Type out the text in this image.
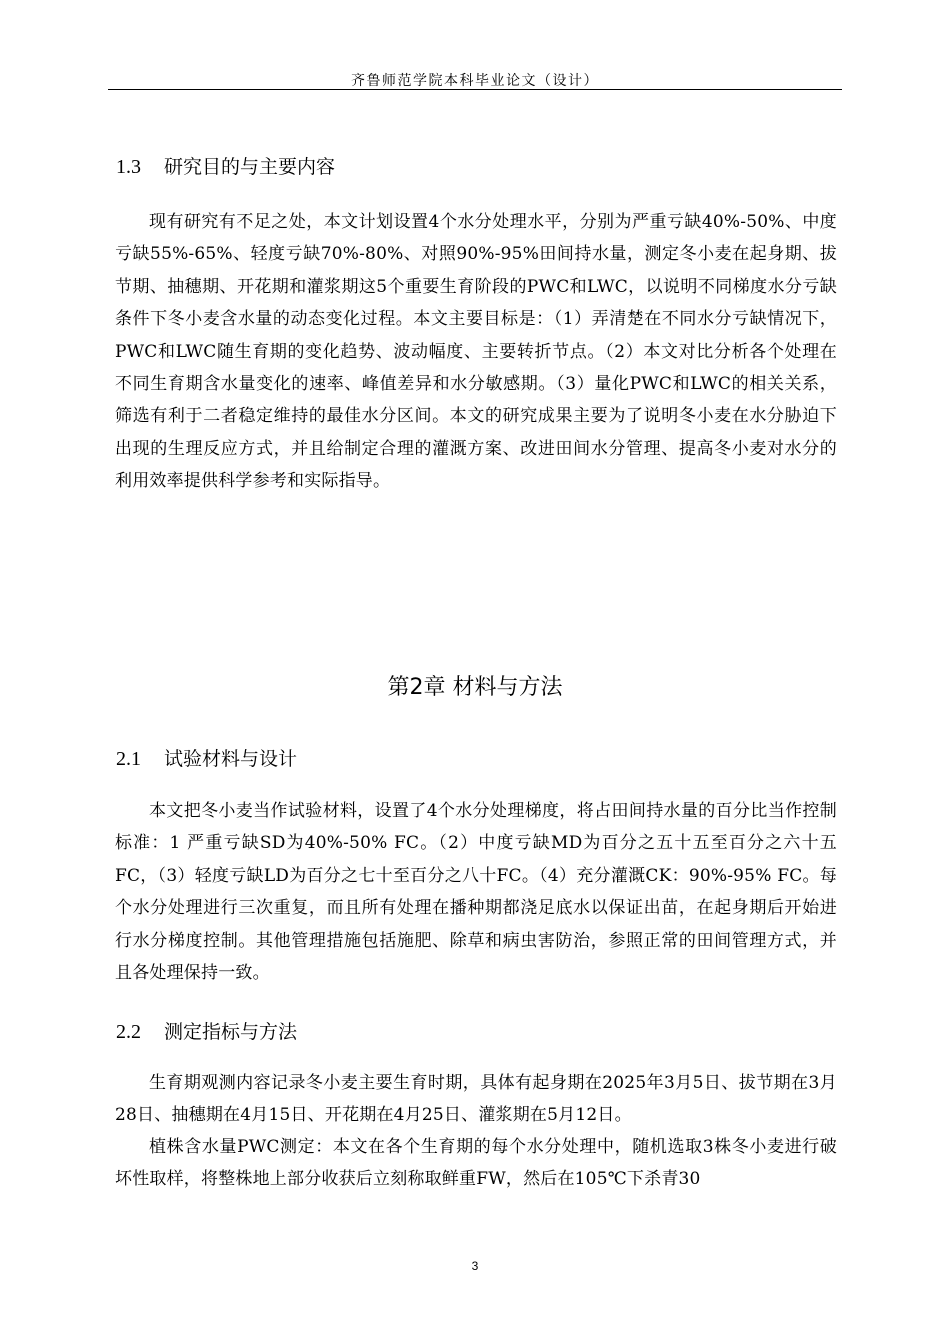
齐鲁师范学院本科毕业论文（设计）
1.3 研究目的与主要内容
现有研究有不足之处，本文计划设置4个水分处理水平，分别为严重亏缺40%-50%、中度亏缺55%-65%、轻度亏缺70%-80%、对照90%-95%田间持水量，测定冬小麦在起身期、拔节期、抽穗期、开花期和灌浆期这5个重要生育阶段的PWC和LWC，以说明不同梯度水分亏缺条件下冬小麦含水量的动态变化过程。本文主要目标是：（1）弄清楚在不同水分亏缺情况下，PWC和LWC随生育期的变化趋势、波动幅度、主要转折节点。（2）本文对比分析各个处理在不同生育期含水量变化的速率、峰值差异和水分敏感期。（3）量化PWC和LWC的相关关系，筛选有利于二者稳定维持的最佳水分区间。本文的研究成果主要为了说明冬小麦在水分胁迫下出现的生理反应方式，并且给制定合理的灌溉方案、改进田间水分管理、提高冬小麦对水分的利用效率提供科学参考和实际指导。
第2章 材料与方法
2.1 试验材料与设计
本文把冬小麦当作试验材料，设置了4个水分处理梯度，将占田间持水量的百分比当作控制标准：1 严重亏缺SD为40%-50% FC。（2）中度亏缺MD为百分之五十五至百分之六十五FC，（3）轻度亏缺LD为百分之七十至百分之八十FC。（4）充分灌溉CK：90%-95% FC。每个水分处理进行三次重复，而且所有处理在播种期都浇足底水以保证出苗，在起身期后开始进行水分梯度控制。其他管理措施包括施肥、除草和病虫害防治，参照正常的田间管理方式，并且各处理保持一致。
2.2 测定指标与方法
生育期观测内容记录冬小麦主要生育时期，具体有起身期在2025年3月5日、拔节期在3月28日、抽穗期在4月15日、开花期在4月25日、灌浆期在5月12日。
植株含水量PWC测定：本文在各个生育期的每个水分处理中，随机选取3株冬小麦进行破坏性取样，将整株地上部分收获后立刻称取鲜重FW，然后在105℃下杀青30
3
